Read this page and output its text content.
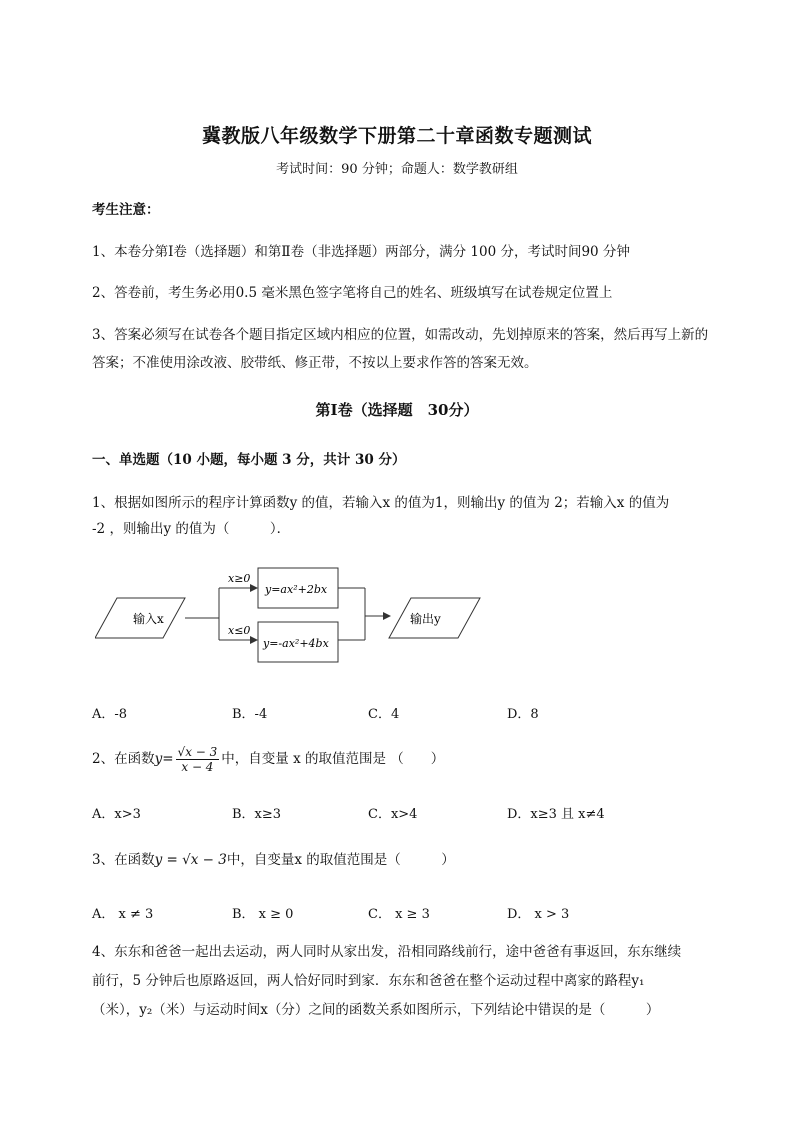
冀教版八年级数学下册第二十章函数专题测试
考试时间：90 分钟；命题人：数学教研组
考生注意：
1、本卷分第Ⅰ卷（选择题）和第Ⅱ卷（非选择题）两部分，满分 100 分，考试时间90 分钟
2、答卷前，考生务必用0.5 毫米黑色签字笔将自己的姓名、班级填写在试卷规定位置上
3、答案必须写在试卷各个题目指定区域内相应的位置，如需改动，先划掉原来的答案，然后再写上新的答案；不准使用涂改液、胶带纸、修正带，不按以上要求作答的答案无效。
第Ⅰ卷（选择题　30分）
一、单选题（10 小题，每小题 3 分，共计 30 分）
1、根据如图所示的程序计算函数y 的值，若输入x 的值为1，则输出y 的值为 2；若输入x 的值为
-2 ，则输出y 的值为（　　　）．
输入x
x≥0
x≤0
y=ax²+2bx
y=-ax²+4bx
输出y
A．-8	B．-4	C．4	D．8
2、在函数$y= \frac{√x - 3}{x - 4}$ 中，自变量 x 的取值范围是 （　　）
A．x>3	B．x≥3	C．x>4	D．x≥3 且 x≠4
3、在函数y = √x − 3中，自变量x 的取值范围是（　　　）
A． x ≠ 3	B． x ≥ 0	C． x ≥ 3	D． x > 3
4、东东和爸爸一起出去运动，两人同时从家出发，沿相同路线前行，途中爸爸有事返回，东东继续
前行，5 分钟后也原路返回，两人恰好同时到家．东东和爸爸在整个运动过程中离家的路程y₁
（米），y₂（米）与运动时间x（分）之间的函数关系如图所示，下列结论中错误的是（　　　）
